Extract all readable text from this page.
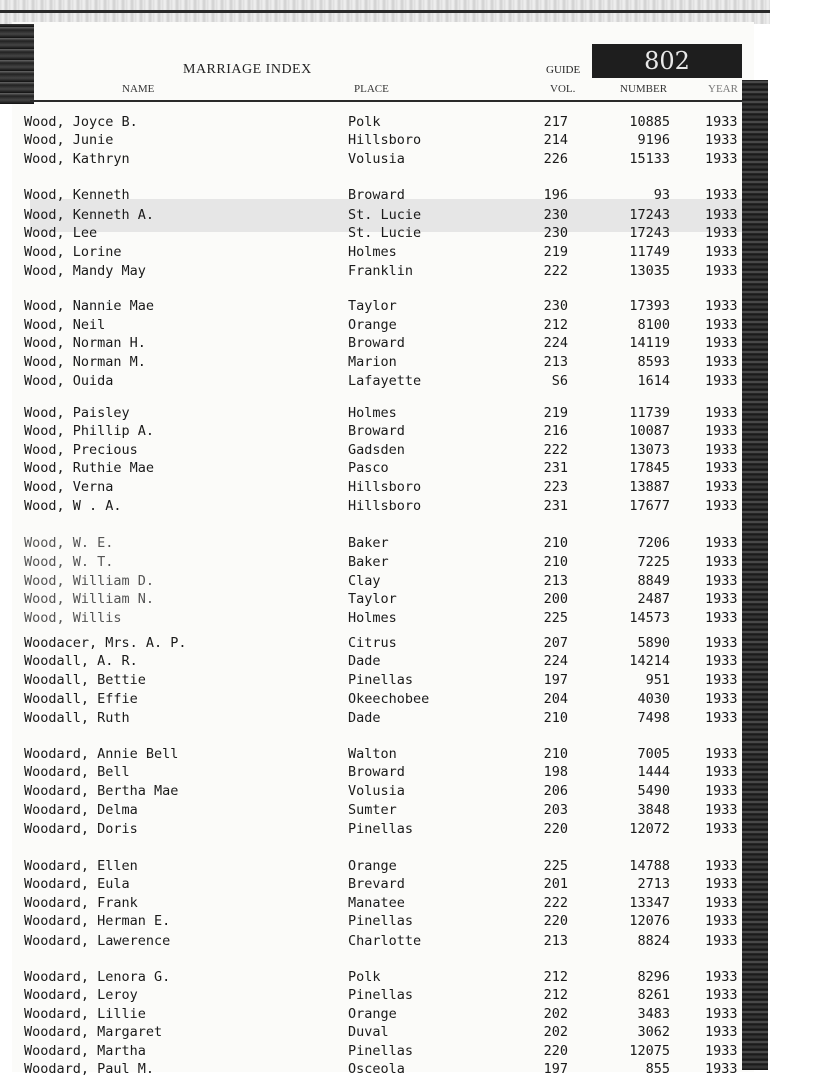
802
MARRIAGE INDEX	GUIDE
NAME	PLACE	VOL.	NUMBER	YEAR
Wood, Joyce B.	Polk	217	10885	1933
Wood, Junie	Hillsboro	214	9196	1933
Wood, Kathryn	Volusia	226	15133	1933
Wood, Kenneth	Broward	196	93	1933
Wood, Kenneth A.	St. Lucie	230	17243	1933
Wood, Lee	St. Lucie	230	17243	1933
Wood, Lorine	Holmes	219	11749	1933
Wood, Mandy May	Franklin	222	13035	1933
Wood, Nannie Mae	Taylor	230	17393	1933
Wood, Neil	Orange	212	8100	1933
Wood, Norman H.	Broward	224	14119	1933
Wood, Norman M.	Marion	213	8593	1933
Wood, Ouida	Lafayette	S6	1614	1933
Wood, Paisley	Holmes	219	11739	1933
Wood, Phillip A.	Broward	216	10087	1933
Wood, Precious	Gadsden	222	13073	1933
Wood, Ruthie Mae	Pasco	231	17845	1933
Wood, Verna	Hillsboro	223	13887	1933
Wood, W . A.	Hillsboro	231	17677	1933
Wood, W. E.	Baker	210	7206	1933
Wood, W. T.	Baker	210	7225	1933
Wood, William D.	Clay	213	8849	1933
Wood, William N.	Taylor	200	2487	1933
Wood, Willis	Holmes	225	14573	1933
Woodacer, Mrs. A. P.	Citrus	207	5890	1933
Woodall, A. R.	Dade	224	14214	1933
Woodall, Bettie	Pinellas	197	951	1933
Woodall, Effie	Okeechobee	204	4030	1933
Woodall, Ruth	Dade	210	7498	1933
Woodard, Annie Bell	Walton	210	7005	1933
Woodard, Bell	Broward	198	1444	1933
Woodard, Bertha Mae	Volusia	206	5490	1933
Woodard, Delma	Sumter	203	3848	1933
Woodard, Doris	Pinellas	220	12072	1933
Woodard, Ellen	Orange	225	14788	1933
Woodard, Eula	Brevard	201	2713	1933
Woodard, Frank	Manatee	222	13347	1933
Woodard, Herman E.	Pinellas	220	12076	1933
Woodard, Lawerence	Charlotte	213	8824	1933
Woodard, Lenora G.	Polk	212	8296	1933
Woodard, Leroy	Pinellas	212	8261	1933
Woodard, Lillie	Orange	202	3483	1933
Woodard, Margaret	Duval	202	3062	1933
Woodard, Martha	Pinellas	220	12075	1933
Woodard, Paul M.	Osceola	197	855	1933
